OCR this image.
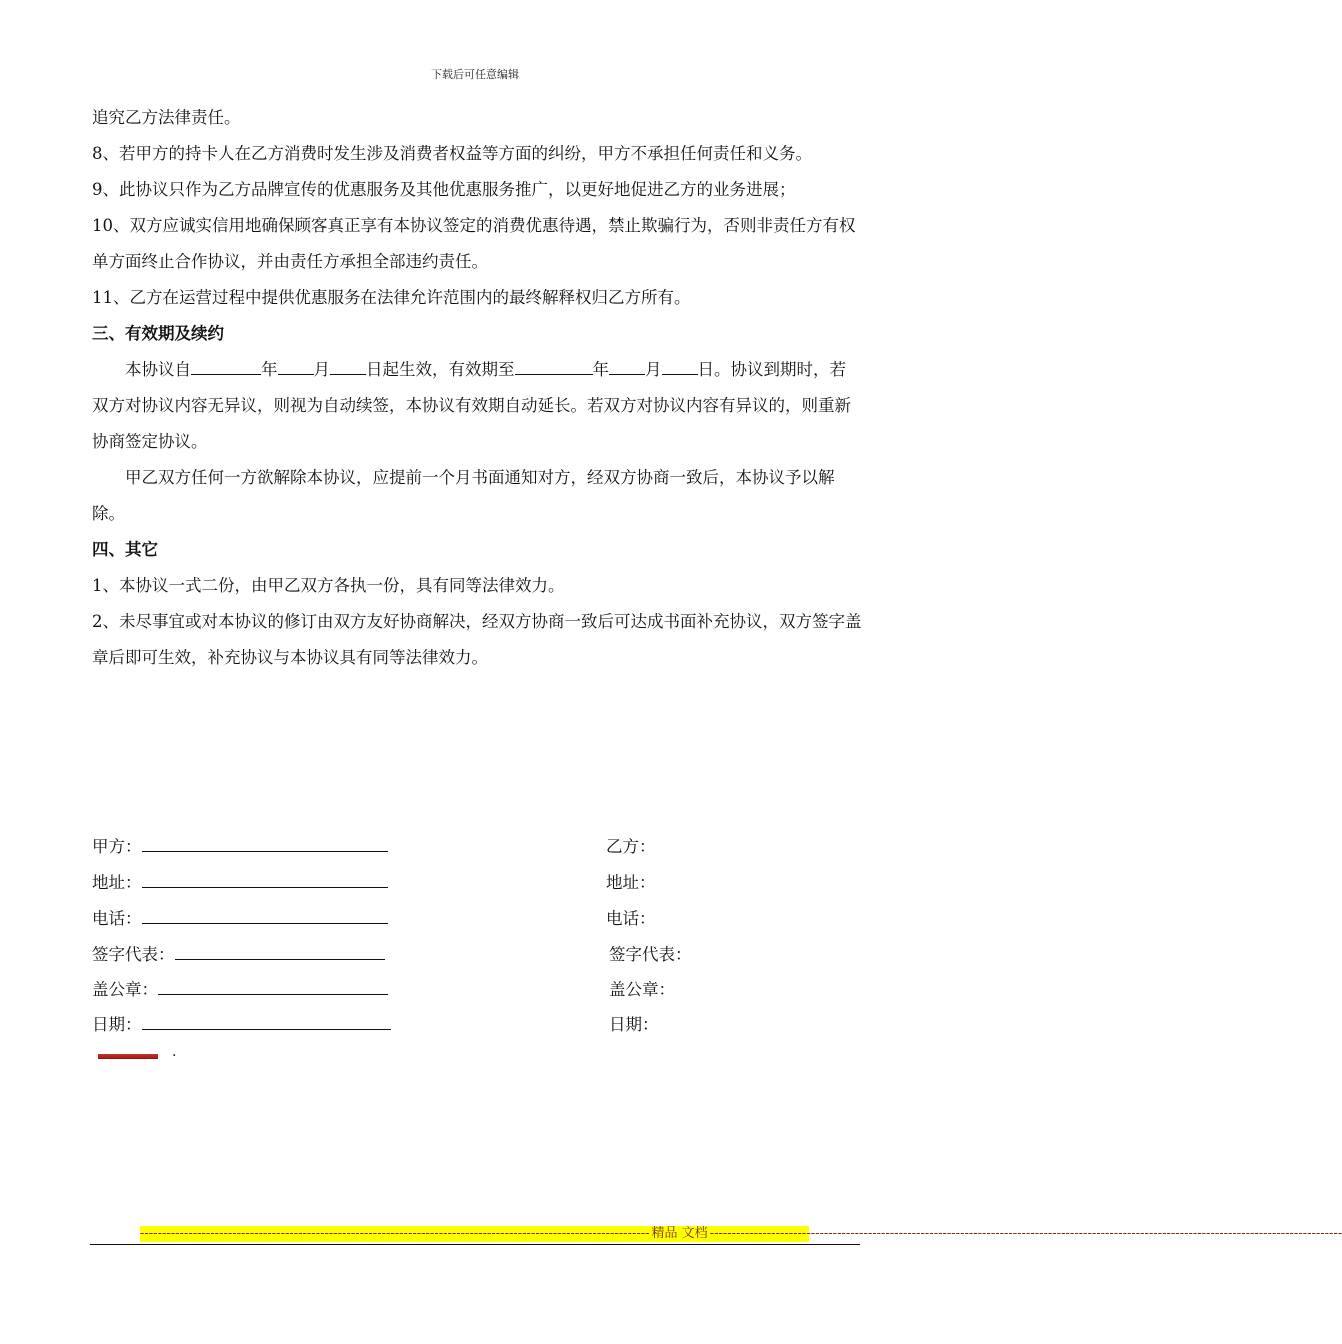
下载后可任意编辑

追究乙方法律责任。

8、若甲方的持卡人在乙方消费时发生涉及消费者权益等方面的纠纷，甲方不承担任何责任和义务。

9、此协议只作为乙方品牌宣传的优惠服务及其他优惠服务推广，以更好地促进乙方的业务进展；

10、双方应诚实信用地确保顾客真正享有本协议签定的消费优惠待遇，禁止欺骗行为，否则非责任方有权单方面终止合作协议，并由责任方承担全部违约责任。

11、乙方在运营过程中提供优惠服务在法律允许范围内的最终解释权归乙方所有。

三、有效期及续约

本协议自	年 月 日起生效，有效期至	年 月 日。协议到期时，若双方对协议内容无异议，则视为自动续签，本协议有效期自动延长。若双方对协议内容有异议的，则重新协商签定协议。

甲乙双方任何一方欲解除本协议，应提前一个月书面通知对方，经双方协商一致后，本协议予以解除。

四、其它

1、本协议一式二份，由甲乙双方各执一份，具有同等法律效力。

2、未尽事宜或对本协议的修订由双方友好协商解决，经双方协商一致后可达成书面补充协议，双方签字盖章后即可生效，补充协议与本协议具有同等法律效力。

甲方：	乙方：
地址：	地址：
电话：	电话：
签字代表：	签字代表：
盖公章：	盖公章：
日期：	日期：
.
-------------------------------------------------------------------------------------------------------------------- 精品 文档 ------------------------------------------------------------------------------------------------------------------------------------------------
